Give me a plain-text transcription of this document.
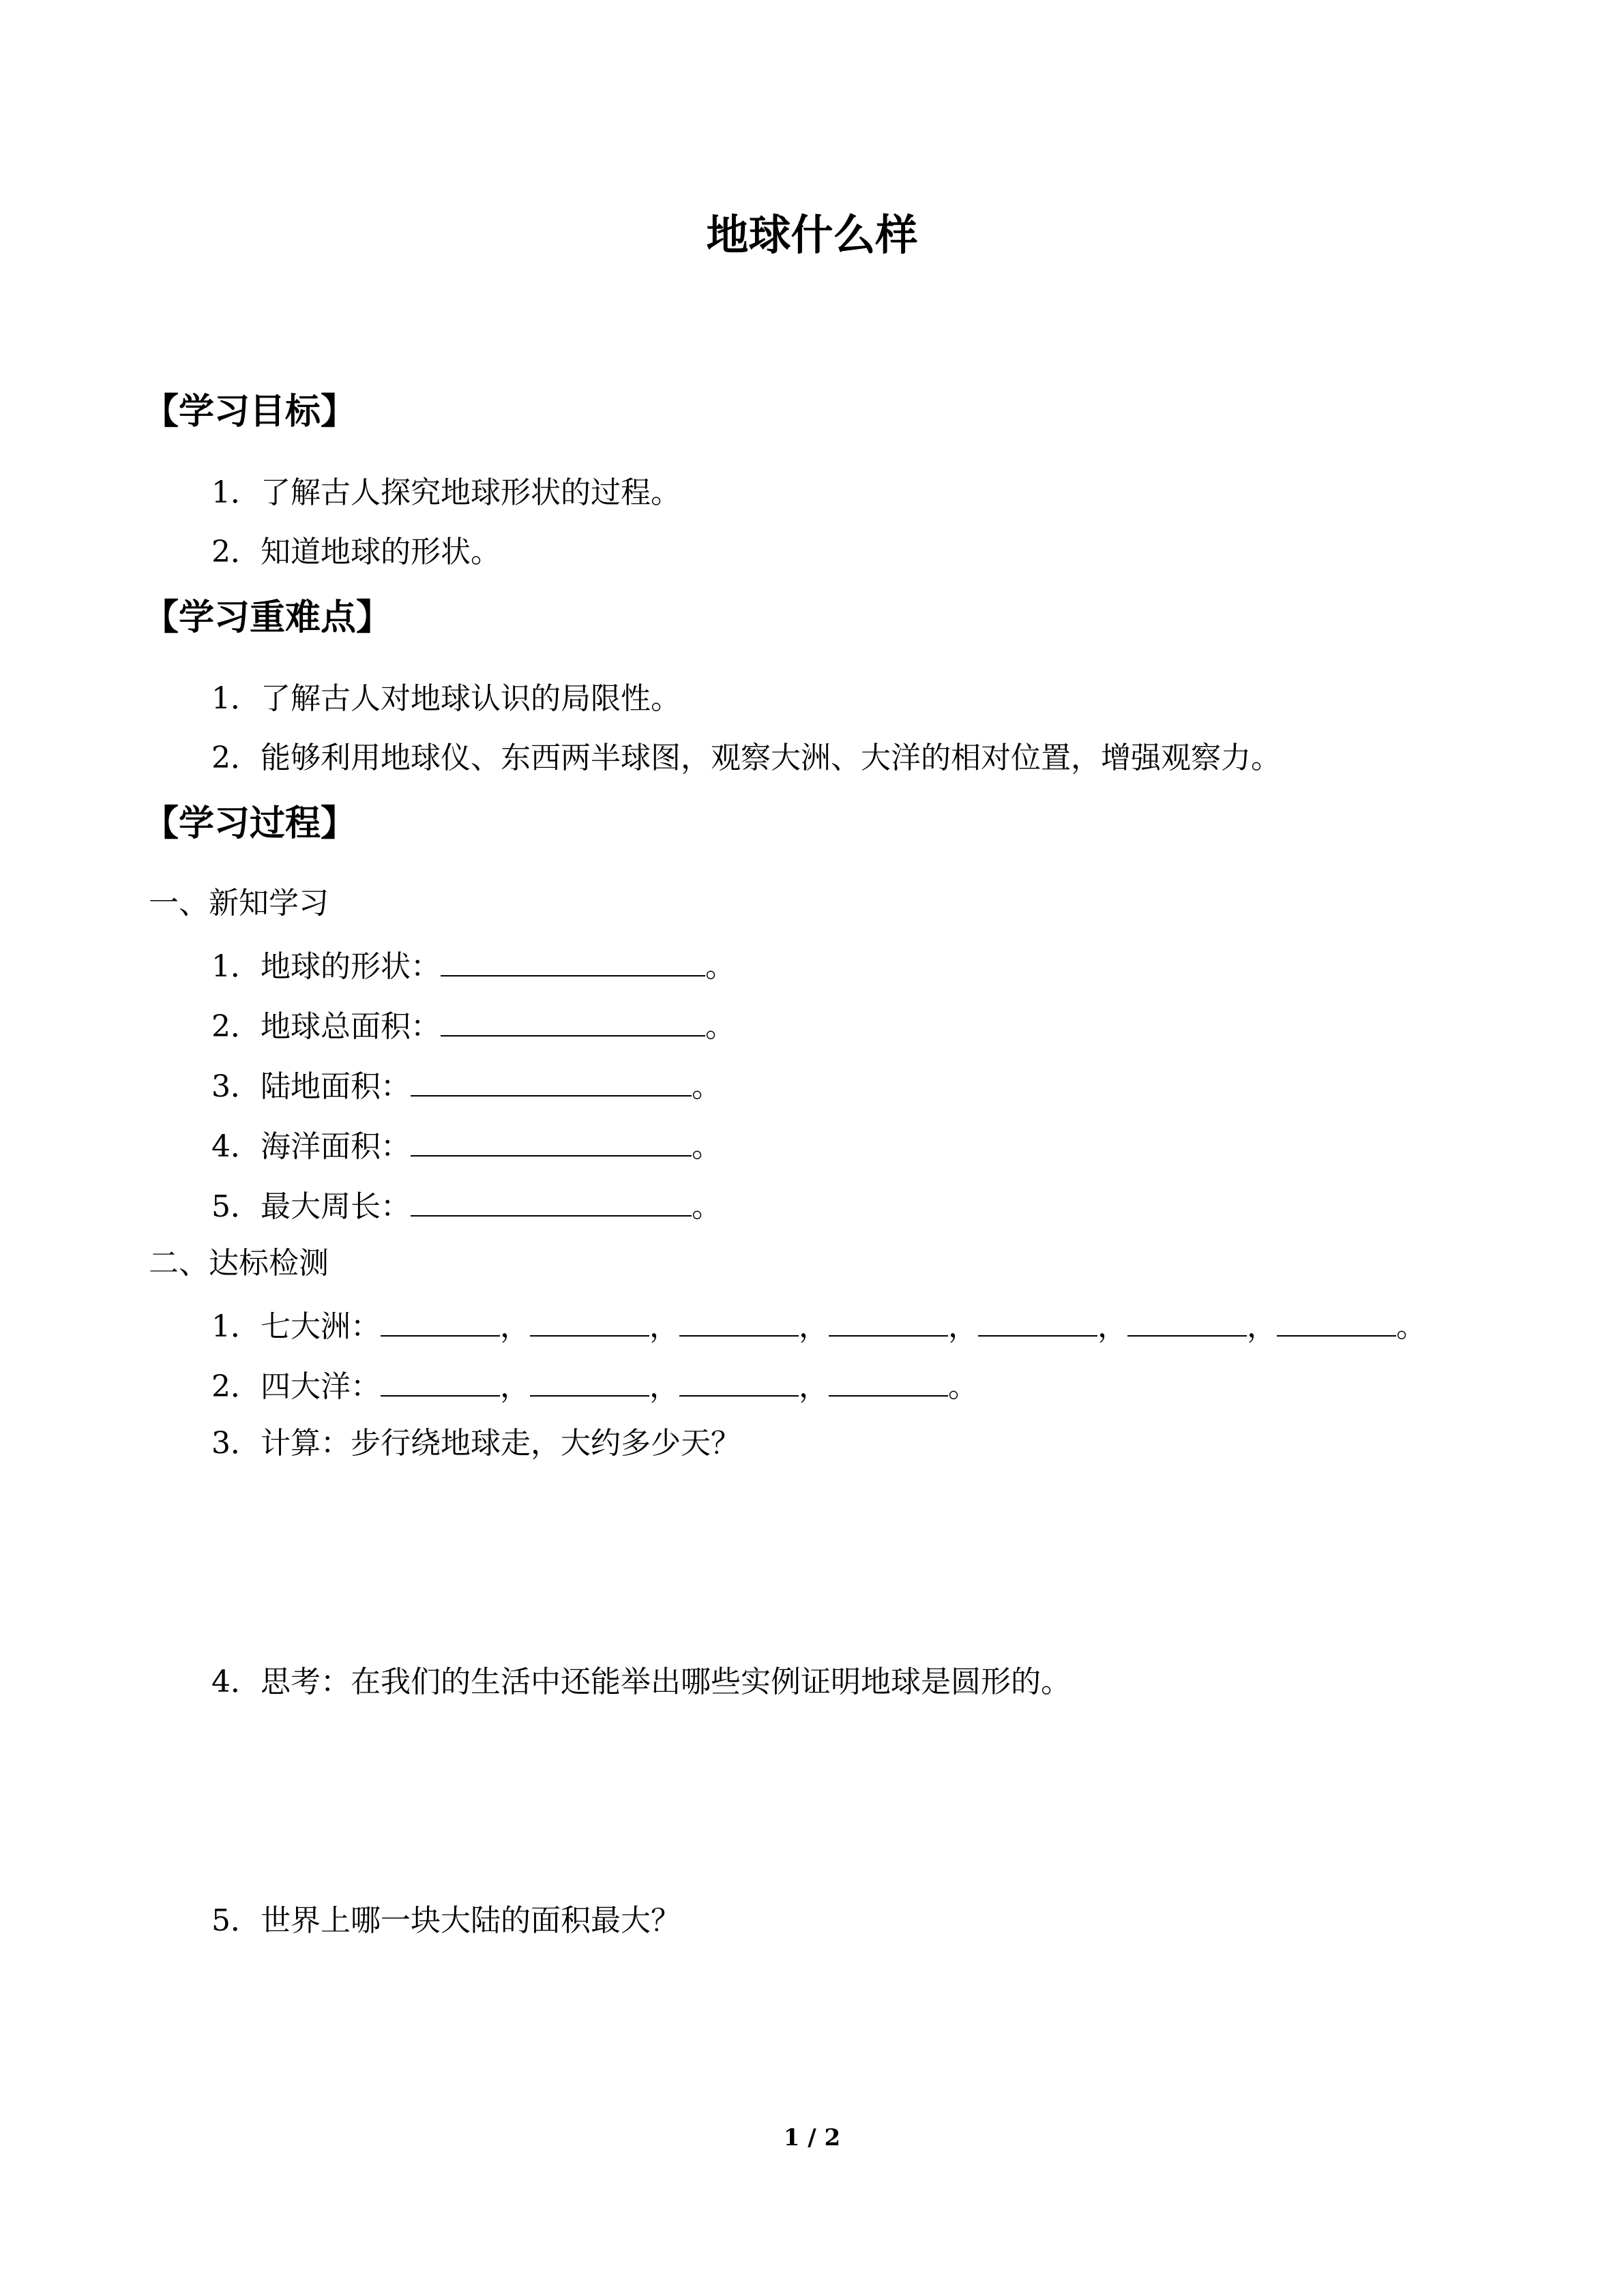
地球什么样
【学习目标】
1．了解古人探究地球形状的过程。
2．知道地球的形状。
【学习重难点】
1．了解古人对地球认识的局限性。
2．能够利用地球仪、东西两半球图，观察大洲、大洋的相对位置，增强观察力。
【学习过程】
一、新知学习
1．地球的形状：	。
2．地球总面积：	。
3．陆地面积：	。
4．海洋面积：	。
5．最大周长：	。
二、达标检测
1．七大洲：	，	，	，	，	，	，	。
2．四大洋：	，	，	，	。
3．计算：步行绕地球走，大约多少天？
4．思考：在我们的生活中还能举出哪些实例证明地球是圆形的。
5．世界上哪一块大陆的面积最大？
1 / 2
